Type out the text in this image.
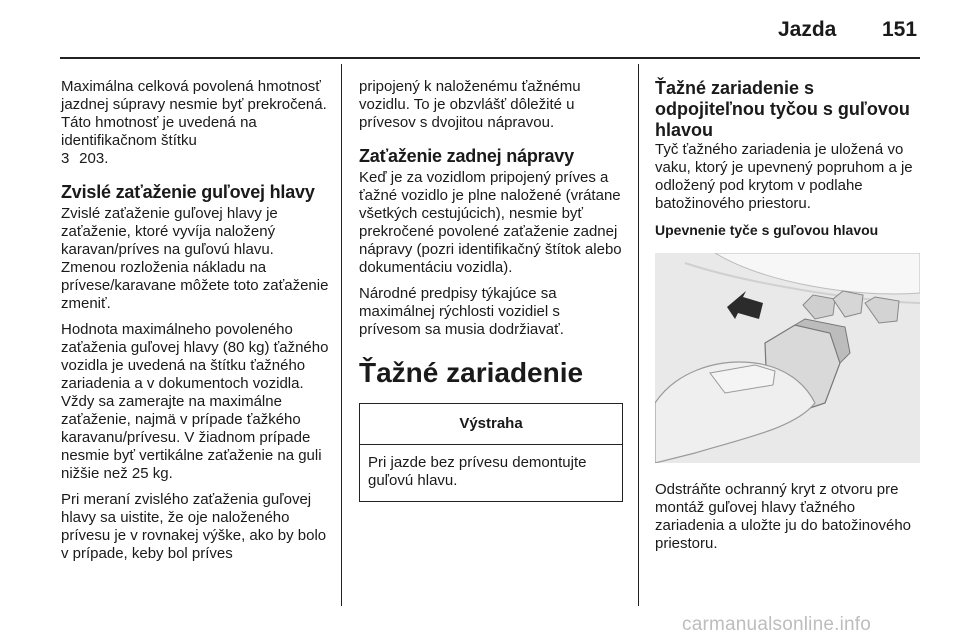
Jazda 151

Maximálna celková povolená hmotnosť jazdnej súpravy nesmie byť prekročená. Táto hmotnosť je uvedená na identifikačnom štítku
3 203.

Zvislé zaťaženie guľovej hlavy

Zvislé zaťaženie guľovej hlavy je zaťaženie, ktoré vyvíja naložený karavan/príves na guľovú hlavu. Zmenou rozloženia nákladu na prívese/karavane môžete toto zaťaženie zmeniť.

Hodnota maximálneho povoleného zaťaženia guľovej hlavy (80 kg) ťažného vozidla je uvedená na štítku ťažného zariadenia a v dokumentoch vozidla. Vždy sa zamerajte na maximálne zaťaženie, najmä v prípade ťažkého karavanu/prívesu. V žiadnom prípade nesmie byť vertikálne zaťaženie na guli nižšie než 25 kg.

Pri meraní zvislého zaťaženia guľovej hlavy sa uistite, že oje naloženého prívesu je v rovnakej výške, ako by bolo v prípade, keby bol príves

pripojený k naloženému ťažnému vozidlu. To je obzvlášť dôležité u prívesov s dvojitou nápravou.

Zaťaženie zadnej nápravy

Keď je za vozidlom pripojený príves a ťažné vozidlo je plne naložené (vrátane všetkých cestujúcich), nesmie byť prekročené povolené zaťaženie zadnej nápravy (pozri identifikačný štítok alebo dokumentáciu vozidla).

Národné predpisy týkajúce sa maximálnej rýchlosti vozidiel s prívesom sa musia dodržiavať.

Ťažné zariadenie
Výstraha
Pri jazde bez prívesu demontujte guľovú hlavu.
Ťažné zariadenie s odpojiteľnou tyčou s guľovou hlavou

Tyč ťažného zariadenia je uložená vo vaku, ktorý je upevnený popruhom a je odložený pod krytom v podlahe batožinového priestoru.

Upevnenie tyče s guľovou hlavou

Odstráňte ochranný kryt z otvoru pre montáž guľovej hlavy ťažného zariadenia a uložte ju do batožinového priestoru.

carmanualsonline.info
